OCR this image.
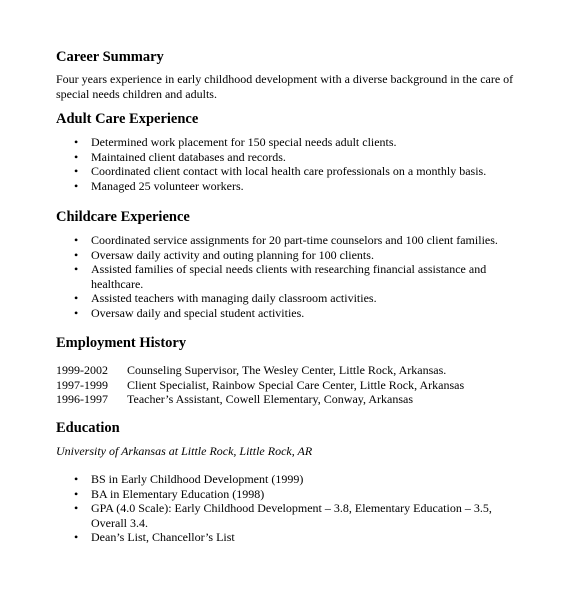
Career Summary
Four years experience in early childhood development with a diverse background in the care of special needs children and adults.
Adult Care Experience
• Determined work placement for 150 special needs adult clients.
• Maintained client databases and records.
• Coordinated client contact with local health care professionals on a monthly basis.
• Managed 25 volunteer workers.
Childcare Experience
• Coordinated service assignments for 20 part-time counselors and 100 client families.
• Oversaw daily activity and outing planning for 100 clients.
• Assisted families of special needs clients with researching financial assistance and healthcare.
• Assisted teachers with managing daily classroom activities.
• Oversaw daily and special student activities.
Employment History
1999-2002	Counseling Supervisor, The Wesley Center, Little Rock, Arkansas.
1997-1999	Client Specialist, Rainbow Special Care Center, Little Rock, Arkansas
1996-1997	Teacher’s Assistant, Cowell Elementary, Conway, Arkansas
Education
University of Arkansas at Little Rock, Little Rock, AR
• BS in Early Childhood Development (1999)
• BA in Elementary Education (1998)
• GPA (4.0 Scale): Early Childhood Development – 3.8, Elementary Education – 3.5, Overall 3.4.
• Dean’s List, Chancellor’s List
